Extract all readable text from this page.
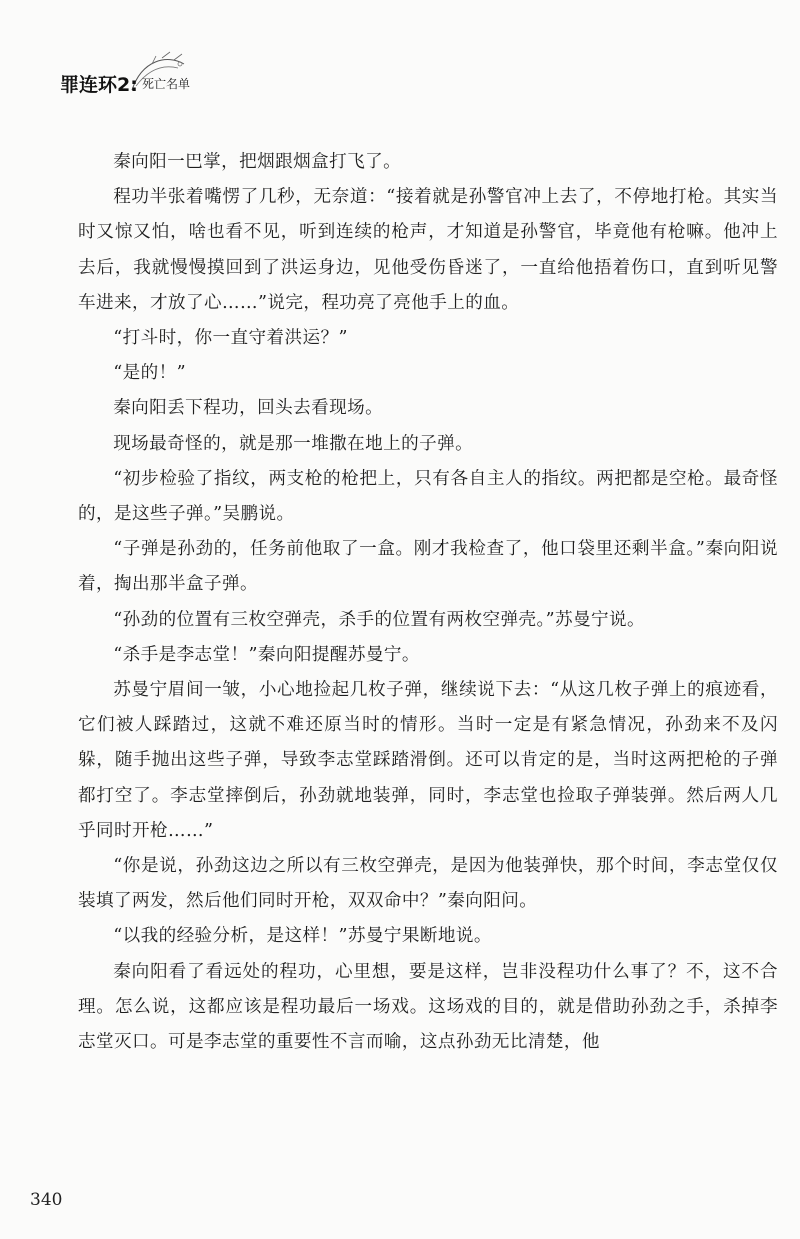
罪连环2: 死亡名单

秦向阳一巴掌，把烟跟烟盒打飞了。

程功半张着嘴愣了几秒，无奈道：“接着就是孙警官冲上去了，不停地打枪。其实当时又惊又怕，啥也看不见，听到连续的枪声，才知道是孙警官，毕竟他有枪嘛。他冲上去后，我就慢慢摸回到了洪运身边，见他受伤昏迷了，一直给他捂着伤口，直到听见警车进来，才放了心……”说完，程功亮了亮他手上的血。

“打斗时，你一直守着洪运？”

“是的！”

秦向阳丢下程功，回头去看现场。

现场最奇怪的，就是那一堆撒在地上的子弹。

“初步检验了指纹，两支枪的枪把上，只有各自主人的指纹。两把都是空枪。最奇怪的，是这些子弹。”吴鹏说。

“子弹是孙劲的，任务前他取了一盒。刚才我检查了，他口袋里还剩半盒。”秦向阳说着，掏出那半盒子弹。

“孙劲的位置有三枚空弹壳，杀手的位置有两枚空弹壳。”苏曼宁说。

“杀手是李志堂！”秦向阳提醒苏曼宁。

苏曼宁眉间一皱，小心地捡起几枚子弹，继续说下去：“从这几枚子弹上的痕迹看，它们被人踩踏过，这就不难还原当时的情形。当时一定是有紧急情况，孙劲来不及闪躲，随手抛出这些子弹，导致李志堂踩踏滑倒。还可以肯定的是，当时这两把枪的子弹都打空了。李志堂摔倒后，孙劲就地装弹，同时，李志堂也捡取子弹装弹。然后两人几乎同时开枪……”

“你是说，孙劲这边之所以有三枚空弹壳，是因为他装弹快，那个时间，李志堂仅仅装填了两发，然后他们同时开枪，双双命中？”秦向阳问。

“以我的经验分析，是这样！”苏曼宁果断地说。

秦向阳看了看远处的程功，心里想，要是这样，岂非没程功什么事了？不，这不合理。怎么说，这都应该是程功最后一场戏。这场戏的目的，就是借助孙劲之手，杀掉李志堂灭口。可是李志堂的重要性不言而喻，这点孙劲无比清楚，他

340
